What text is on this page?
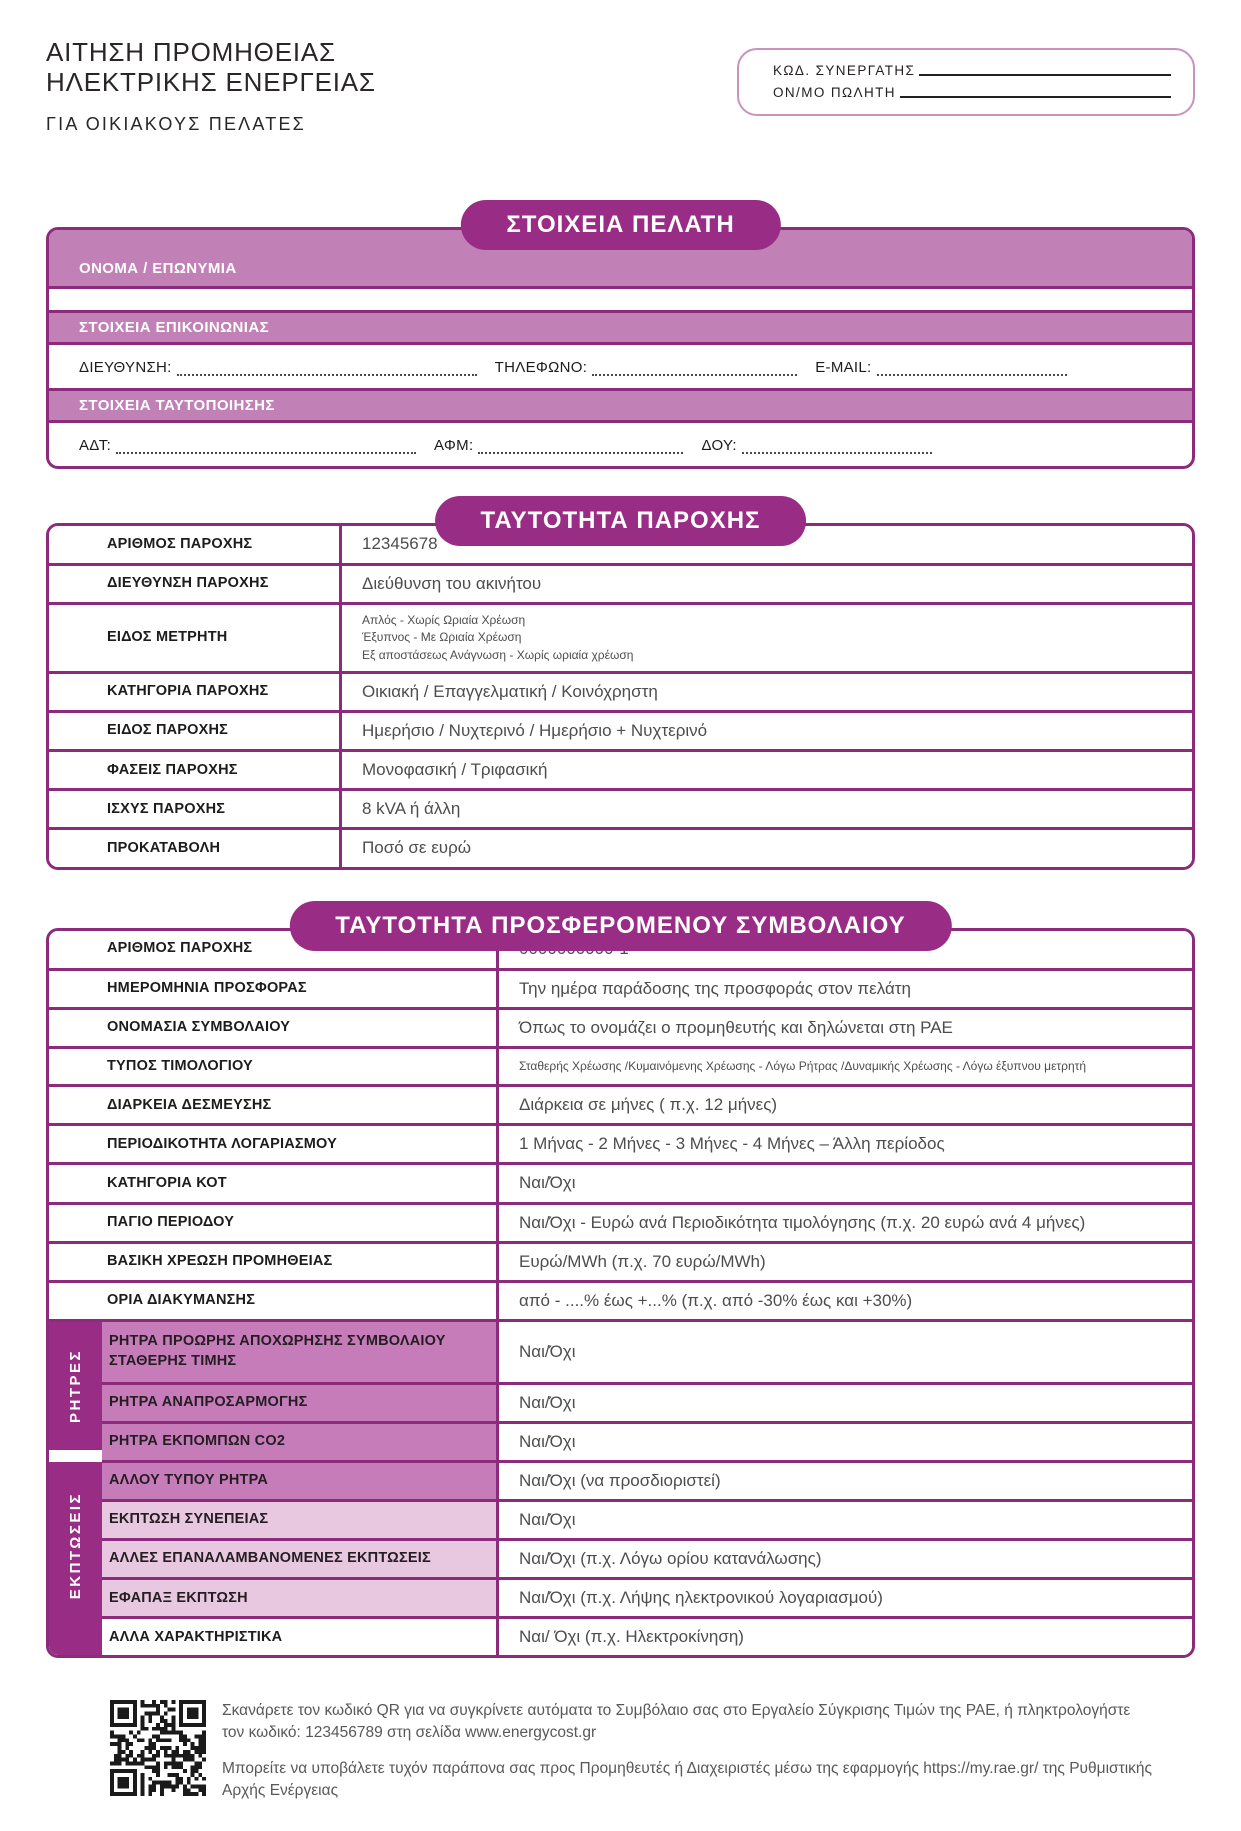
ΑΙΤΗΣΗ ΠΡΟΜΗΘΕΙΑΣ
ΗΛΕΚΤΡΙΚΗΣ ΕΝΕΡΓΕΙΑΣ
ΓΙΑ ΟΙΚΙΑΚΟΥΣ ΠΕΛΑΤΕΣ
ΚΩΔ. ΣΥΝΕΡΓΑΤΗΣ
ΟΝ/ΜΟ ΠΩΛΗΤΗ
ΣΤΟΙΧΕΙΑ ΠΕΛΑΤΗ
ΟΝΟΜΑ / ΕΠΩΝΥΜΙΑ
ΣΤΟΙΧΕΙΑ ΕΠΙΚΟΙΝΩΝΙΑΣ
ΔΙΕΥΘΥΝΣΗ:	ΤΗΛΕΦΩΝΟ:	E-MAIL:
ΣΤΟΙΧΕΙΑ ΤΑΥΤΟΠΟΙΗΣΗΣ
ΑΔΤ:	ΑΦΜ:	ΔΟΥ:
ΤΑΥΤΟΤΗΤΑ ΠΑΡΟΧΗΣ
ΑΡΙΘΜΟΣ ΠΑΡΟΧΗΣ	12345678
ΔΙΕΥΘΥΝΣΗ ΠΑΡΟΧΗΣ	Διεύθυνση του ακινήτου
ΕΙΔΟΣ ΜΕΤΡΗΤΗ
Απλός - Χωρίς Ωριαία Χρέωση
Έξυπνος - Με Ωριαία Χρέωση
Εξ αποστάσεως Ανάγνωση - Χωρίς ωριαία χρέωση
ΚΑΤΗΓΟΡΙΑ ΠΑΡΟΧΗΣ	Οικιακή / Επαγγελματική / Κοινόχρηστη
ΕΙΔΟΣ ΠΑΡΟΧΗΣ	Ημερήσιο / Νυχτερινό / Ημερήσιο + Νυχτερινό
ΦΑΣΕΙΣ ΠΑΡΟΧΗΣ	Μονοφασική / Τριφασική
ΙΣΧΥΣ ΠΑΡΟΧΗΣ	8 kVA ή άλλη
ΠΡΟΚΑΤΑΒΟΛΗ	Ποσό σε ευρώ
ΤΑΥΤΟΤΗΤΑ ΠΡΟΣΦΕΡΟΜΕΝΟΥ ΣΥΜΒΟΛΑΙΟΥ
ΑΡΙΘΜΟΣ ΠΑΡΟΧΗΣ
ΗΜΕΡΟΜΗΝΙΑ ΠΡΟΣΦΟΡΑΣ	Την ημέρα παράδοσης της προσφοράς στον πελάτη
ΟΝΟΜΑΣΙΑ ΣΥΜΒΟΛΑΙΟΥ	Όπως το ονομάζει ο προμηθευτής και δηλώνεται στη ΡΑΕ
ΤΥΠΟΣ ΤΙΜΟΛΟΓΙΟΥ	Σταθερής Χρέωσης /Κυμαινόμενης Χρέωσης - Λόγω Ρήτρας /Δυναμικής Χρέωσης - Λόγω έξυπνου μετρητή
ΔΙΑΡΚΕΙΑ ΔΕΣΜΕΥΣΗΣ	Διάρκεια σε μήνες ( π.χ. 12 μήνες)
ΠΕΡΙΟΔΙΚΟΤΗΤΑ ΛΟΓΑΡΙΑΣΜΟΥ	1 Μήνας - 2 Μήνες - 3 Μήνες - 4 Μήνες – Άλλη περίοδος
ΚΑΤΗΓΟΡΙΑ ΚΟΤ	Ναι/Όχι
ΠΑΓΙΟ ΠΕΡΙΟΔΟΥ	Ναι/Όχι - Ευρώ ανά Περιοδικότητα τιμολόγησης (π.χ. 20 ευρώ ανά 4 μήνες)
ΒΑΣΙΚΗ ΧΡΕΩΣΗ ΠΡΟΜΗΘΕΙΑΣ	Ευρώ/MWh (π.χ. 70 ευρώ/MWh)
ΟΡΙΑ ΔΙΑΚΥΜΑΝΣΗΣ	από - ....% έως +...% (π.χ. από -30% έως και +30%)
ΡΗΤΡΕΣ
ΕΚΠΤΩΣΕΙΣ
ΡΗΤΡΑ ΠΡΟΩΡΗΣ ΑΠΟΧΩΡΗΣΗΣ ΣΥΜΒΟΛΑΙΟΥ ΣΤΑΘΕΡΗΣ ΤΙΜΗΣ
Ναι/Όχι
ΡΗΤΡΑ ΑΝΑΠΡΟΣΑΡΜΟΓΗΣ	Ναι/Όχι
ΡΗΤΡΑ ΕΚΠΟΜΠΩΝ CO2	Ναι/Όχι
ΑΛΛΟΥ ΤΥΠΟΥ ΡΗΤΡΑ	Ναι/Όχι (να προσδιοριστεί)
ΕΚΠΤΩΣΗ ΣΥΝΕΠΕΙΑΣ	Ναι/Όχι
ΑΛΛΕΣ ΕΠΑΝΑΛΑΜΒΑΝΟΜΕΝΕΣ ΕΚΠΤΩΣΕΙΣ	Ναι/Όχι (π.χ. Λόγω ορίου κατανάλωσης)
ΕΦΑΠΑΞ ΕΚΠΤΩΣΗ	Ναι/Όχι (π.χ. Λήψης ηλεκτρονικού λογαριασμού)
ΑΛΛΑ ΧΑΡΑΚΤΗΡΙΣΤΙΚΑ	Ναι/ Όχι (π.χ. Ηλεκτροκίνηση)
Σκανάρετε τον κωδικό QR για να συγκρίνετε αυτόματα το Συμβόλαιο σας στο Εργαλείο Σύγκρισης Τιμών της ΡΑΕ, ή πληκτρολογήστε τον κωδικό: 123456789 στη σελίδα www.energycost.gr
Μπορείτε να υποβάλετε τυχόν παράπονα σας προς Προμηθευτές ή Διαχειριστές μέσω της εφαρμογής https://my.rae.gr/ της Ρυθμιστικής Αρχής Ενέργειας
